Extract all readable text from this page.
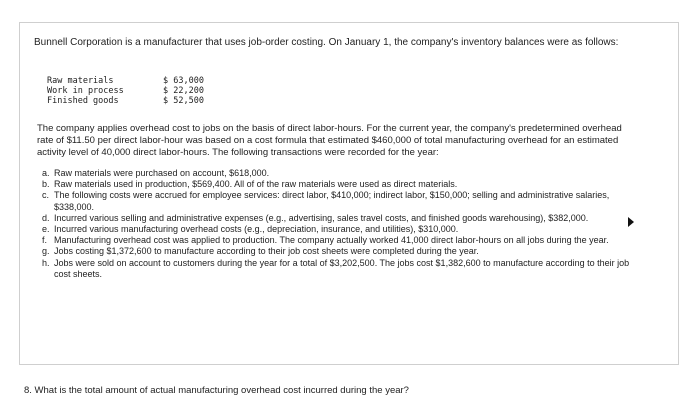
Bunnell Corporation is a manufacturer that uses job-order costing. On January 1, the company's inventory balances were as follows:
Raw materials	$ 63,000
Work in process	$ 22,200
Finished goods	$ 52,500
The company applies overhead cost to jobs on the basis of direct labor-hours. For the current year, the company's predetermined overhead rate of $11.50 per direct labor-hour was based on a cost formula that estimated $460,000 of total manufacturing overhead for an estimated activity level of 40,000 direct labor-hours. The following transactions were recorded for the year:
a. Raw materials were purchased on account, $618,000.
b. Raw materials used in production, $569,400. All of of the raw materials were used as direct materials.
c. The following costs were accrued for employee services: direct labor, $410,000; indirect labor, $150,000; selling and administrative salaries, $338,000.
d. Incurred various selling and administrative expenses (e.g., advertising, sales travel costs, and finished goods warehousing), $382,000.
e. Incurred various manufacturing overhead costs (e.g., depreciation, insurance, and utilities), $310,000.
f. Manufacturing overhead cost was applied to production. The company actually worked 41,000 direct labor-hours on all jobs during the year.
g. Jobs costing $1,372,600 to manufacture according to their job cost sheets were completed during the year.
h. Jobs were sold on account to customers during the year for a total of $3,202,500. The jobs cost $1,382,600 to manufacture according to their job cost sheets.
8. What is the total amount of actual manufacturing overhead cost incurred during the year?
